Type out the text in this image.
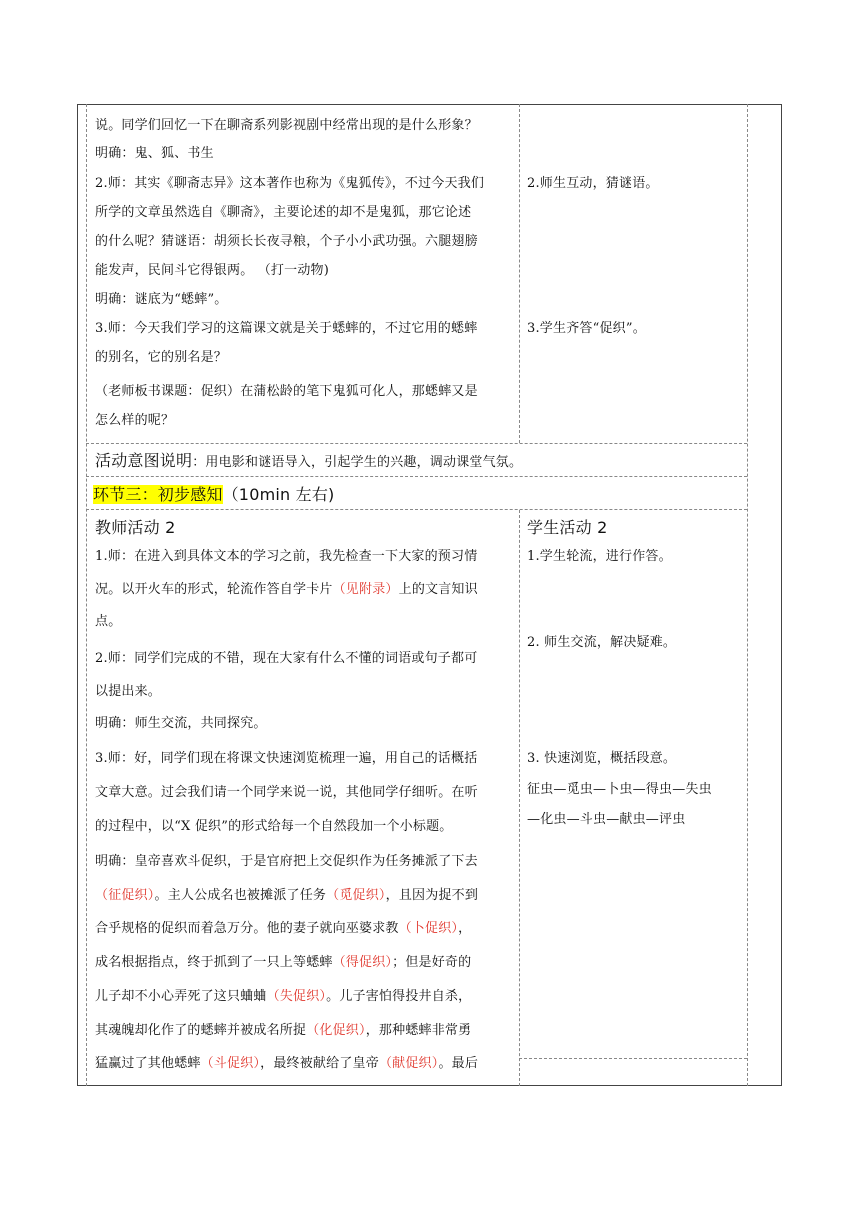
说。同学们回忆一下在聊斋系列影视剧中经常出现的是什么形象？
明确：鬼、狐、书生
2.师：其实《聊斋志异》这本著作也称为《鬼狐传》，不过今天我们
所学的文章虽然选自《聊斋》，主要论述的却不是鬼狐，那它论述
的什么呢？猜谜语：胡须长长夜寻粮，个子小小武功强。六腿翅膀
能发声，民间斗它得银两。 （打一动物)
明确：谜底为“蟋蟀”。
3.师：今天我们学习的这篇课文就是关于蟋蟀的，不过它用的蟋蟀
的别名，它的别名是？
（老师板书课题：促织）在蒲松龄的笔下鬼狐可化人，那蟋蟀又是
怎么样的呢？
2.师生互动，猜谜语。
3.学生齐答“促织”。
活动意图说明：用电影和谜语导入，引起学生的兴趣，调动课堂气氛。
环节三：初步感知（10min 左右)
教师活动 2
1.师：在进入到具体文本的学习之前，我先检查一下大家的预习情
况。以开火车的形式，轮流作答自学卡片（见附录）上的文言知识
点。
2.师：同学们完成的不错，现在大家有什么不懂的词语或句子都可
以提出来。
明确：师生交流，共同探究。
3.师：好，同学们现在将课文快速浏览梳理一遍，用自己的话概括
文章大意。过会我们请一个同学来说一说，其他同学仔细听。在听
的过程中，以“X 促织”的形式给每一个自然段加一个小标题。
明确：皇帝喜欢斗促织，于是官府把上交促织作为任务摊派了下去
（征促织）。主人公成名也被摊派了任务（觅促织），且因为捉不到
合乎规格的促织而着急万分。他的妻子就向巫婆求教（卜促织），
成名根据指点，终于抓到了一只上等蟋蟀（得促织）；但是好奇的
儿子却不小心弄死了这只蛐蛐（失促织）。儿子害怕得投井自杀，
其魂魄却化作了的蟋蟀并被成名所捉（化促织），那种蟋蟀非常勇
猛赢过了其他蟋蟀（斗促织），最终被献给了皇帝（献促织）。最后
学生活动 2
1.学生轮流，进行作答。
2. 师生交流，解决疑难。
3. 快速浏览，概括段意。
征虫—觅虫—卜虫—得虫—失虫
—化虫—斗虫—献虫—评虫
